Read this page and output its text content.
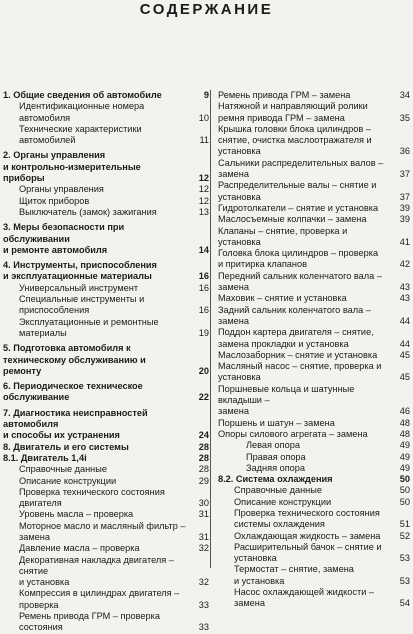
СОДЕРЖАНИЕ
1. Общие сведения об автомобиле	9
Идентификационные номера
автомобиля	10
Технические характеристики
автомобилей	11
2. Органы управления
и контрольно-измерительные
приборы	12
Органы управления	12
Щиток приборов	12
Выключатель (замок) зажигания	13
3. Меры безопасности при
обслуживании
и ремонте автомобиля	14
4. Инструменты, приспособления
и эксплуатационные материалы	16
Универсальный инструмент	16
Специальные инструменты и
приспособления	16
Эксплуатационные и ремонтные
материалы	19
5. Подготовка автомобиля к
техническому обслуживанию и
ремонту	20
6. Периодическое техническое
обслуживание	22
7. Диагностика неисправностей
автомобиля
и способы их устранения	24
8. Двигатель и его системы	28
8.1. Двигатель 1,4i	28
Справочные данные	28
Описание конструкции	29
Проверка технического состояния
двигателя	30
Уровень масла – проверка	31
Моторное масло и масляный фильтр –
замена	31
Давление масла – проверка	32
Декоративная накладка двигателя –
снятие
и установка	32
Компрессия в цилиндрах двигателя –
проверка	33
Ремень привода ГРМ – проверка
состояния	33
Ремень привода ГРМ – замена	34
Натяжной и направляющий ролики
ремня привода ГРМ – замена	35
Крышка головки блока цилиндров –
снятие, очистка маслоотражателя и
установка	36
Сальники распределительных валов –
замена	37
Распределительные валы – снятие и
установка	37
Гидротолкатели – снятие и установка	39
Маслосъемные колпачки – замена	39
Клапаны – снятие, проверка и
установка	41
Головка блока цилиндров – проверка
и притирка клапанов	42
Передний сальник коленчатого вала –
замена	43
Маховик – снятие и установка	43
Задний сальник коленчатого вала –
замена	44
Поддон картера двигателя – снятие,
замена прокладки и установка	44
Маслозаборник – снятие и установка	45
Масляный насос – снятие, проверка и
установка	45
Поршневые кольца и шатунные
вкладыши –
замена	46
Поршень и шатун – замена	48
Опоры силового агрегата – замена	48
Левая опора	49
Правая опора	49
Задняя опора	49
8.2. Система охлаждения	50
Справочные данные	50
Описание конструкции	50
Проверка технического состояния
системы охлаждения	51
Охлаждающая жидкость – замена	52
Расширительный бачок – снятие и
установка	53
Термостат – снятие, замена
и установка	53
Насос охлаждающей жидкости –
замена	54
